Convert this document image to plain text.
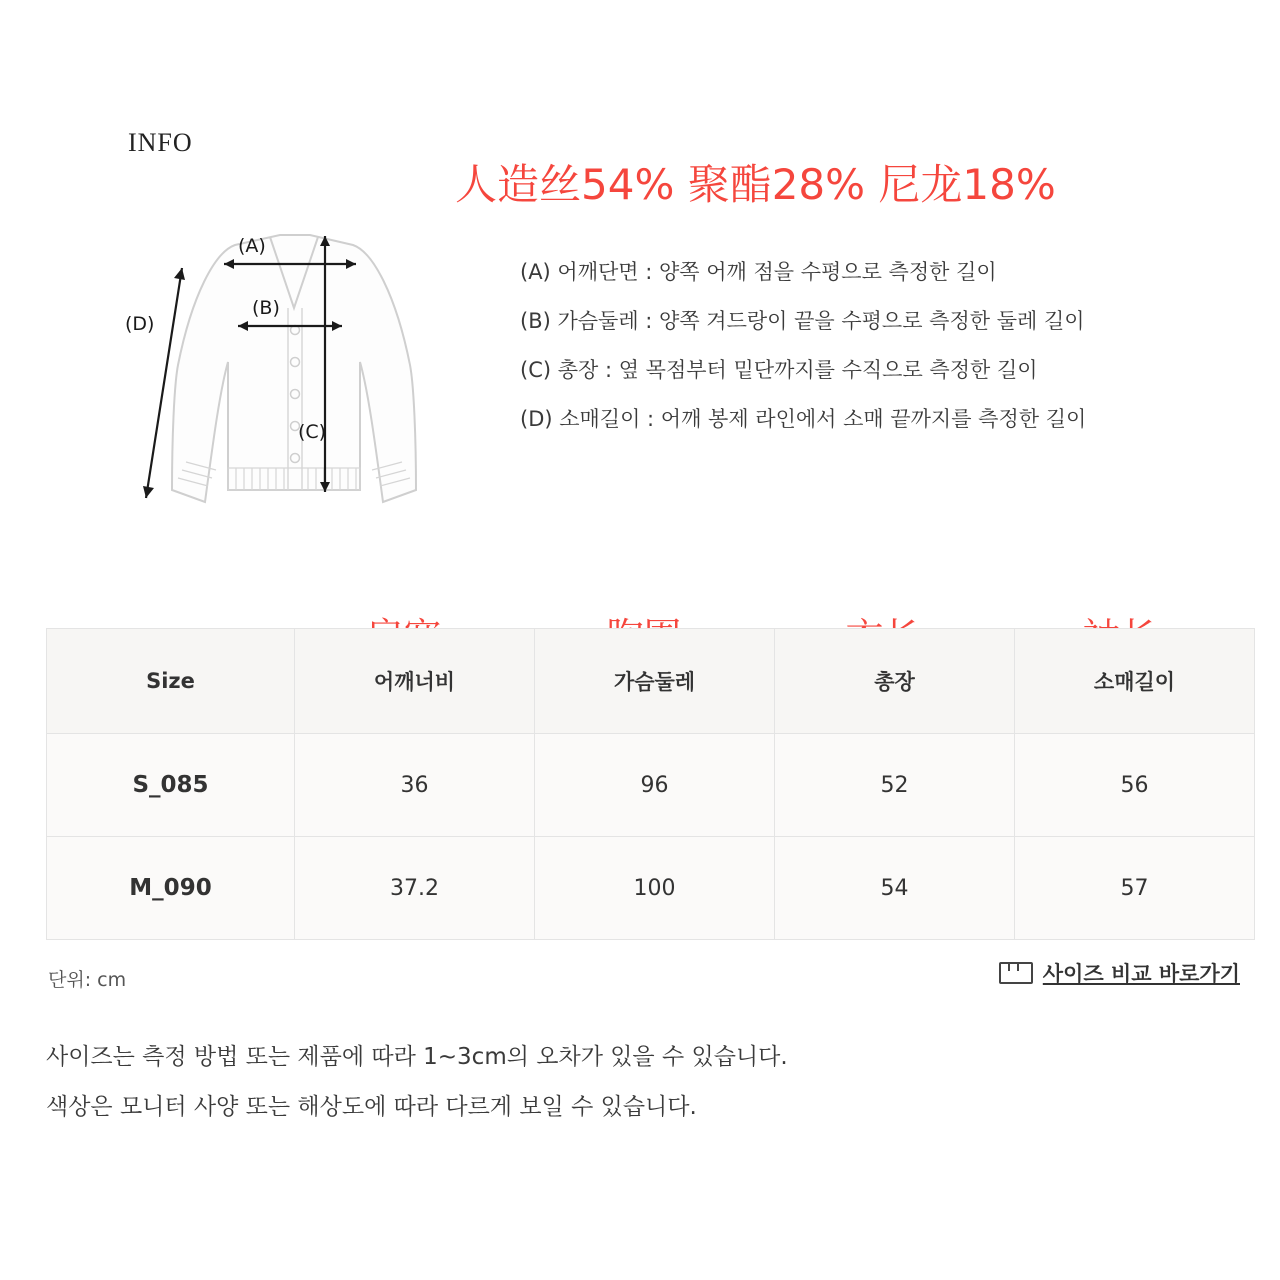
INFO
人造丝54% 聚酯28% 尼龙18%
(A)
(B)
(C)
(D)
(A) 어깨단면 : 양쪽 어깨 점을 수평으로 측정한 길이
(B) 가슴둘레 : 양쪽 겨드랑이 끝을 수평으로 측정한 둘레 길이
(C) 총장 : 옆 목점부터 밑단까지를 수직으로 측정한 길이
(D) 소매길이 : 어깨 봉제 라인에서 소매 끝까지를 측정한 길이
Size	어깨너비	가슴둘레	총장	소매길이
S_085	36	96	52	56
M_090	37.2	100	54	57
단위: cm	사이즈 비교 바로가기
사이즈는 측정 방법 또는 제품에 따라 1~3cm의 오차가 있을 수 있습니다.
색상은 모니터 사양 또는 해상도에 따라 다르게 보일 수 있습니다.
